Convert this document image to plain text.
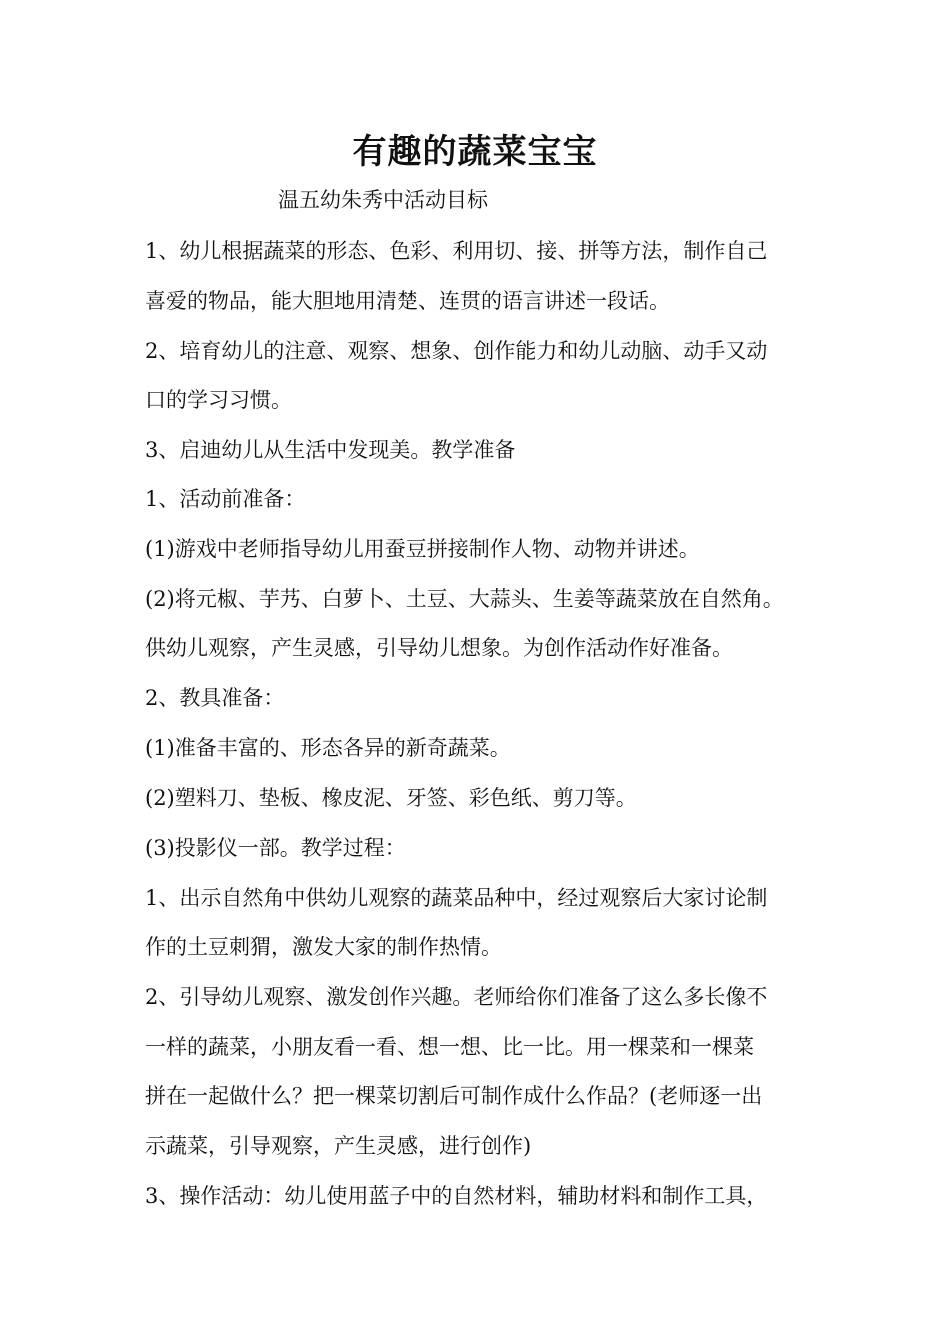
有趣的蔬菜宝宝
温五幼朱秀中活动目标
1、幼儿根据蔬菜的形态、色彩、利用切、接、拼等方法，制作自己
喜爱的物品，能大胆地用清楚、连贯的语言讲述一段话。
2、培育幼儿的注意、观察、想象、创作能力和幼儿动脑、动手又动
口的学习习惯。
3、启迪幼儿从生活中发现美。教学准备
1、活动前准备：
(1)游戏中老师指导幼儿用蚕豆拼接制作人物、动物并讲述。
(2)将元椒、芋艿、白萝卜、土豆、大蒜头、生姜等蔬菜放在自然角。
供幼儿观察，产生灵感，引导幼儿想象。为创作活动作好准备。
2、教具准备：
(1)准备丰富的、形态各异的新奇蔬菜。
(2)塑料刀、垫板、橡皮泥、牙签、彩色纸、剪刀等。
(3)投影仪一部。教学过程：
1、出示自然角中供幼儿观察的蔬菜品种中，经过观察后大家讨论制
作的土豆刺猬，激发大家的制作热情。
2、引导幼儿观察、激发创作兴趣。老师给你们准备了这么多长像不
一样的蔬菜，小朋友看一看、想一想、比一比。用一棵菜和一棵菜
拼在一起做什么？把一棵菜切割后可制作成什么作品？(老师逐一出
示蔬菜，引导观察，产生灵感，进行创作)
3、操作活动：幼儿使用蓝子中的自然材料，辅助材料和制作工具，
